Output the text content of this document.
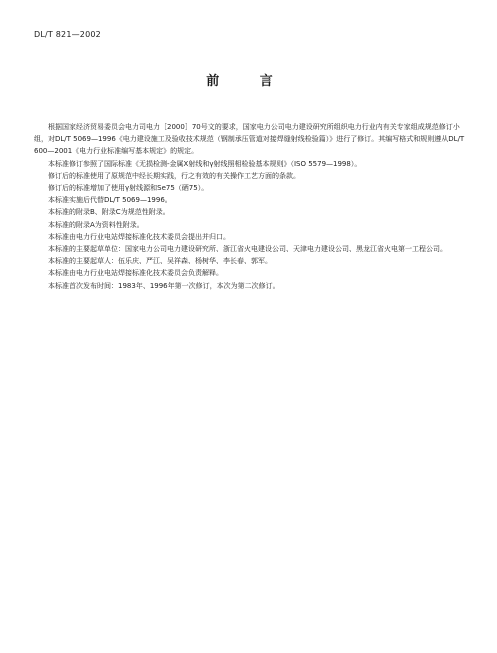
DL/T 821—2002
前 言

根据国家经济贸易委员会电力司电力［2000］70号文的要求，国家电力公司电力建设研究所组织电力行业内有关专家组成规范修订小组，对DL/T 5069—1996《电力建设施工及验收技术规范（钢制承压管道对接焊缝射线检验篇）》进行了修订。其编写格式和规则遵从DL/T 600—2001《电力行业标准编写基本规定》的规定。

本标准修订参照了国际标准《无损检测-金属X射线和γ射线照相检验基本规则》（ISO 5579—1998）。

修订后的标准使用了原规范中经长期实践，行之有效的有关操作工艺方面的条款。

修订后的标准增加了使用γ射线源和Se75（硒75）。

本标准实施后代替DL/T 5069—1996。

本标准的附录B、附录C为规范性附录。

本标准的附录A为资料性附录。

本标准由电力行业电站焊接标准化技术委员会提出并归口。

本标准的主要起草单位：国家电力公司电力建设研究所、浙江省火电建设公司、天津电力建设公司、黑龙江省火电第一工程公司。

本标准的主要起草人：伍乐庆、严江、吴祥森、杨树华、李长春、郭军。

本标准由电力行业电站焊接标准化技术委员会负责解释。

本标准首次发布时间：1983年、1996年第一次修订，本次为第二次修订。
